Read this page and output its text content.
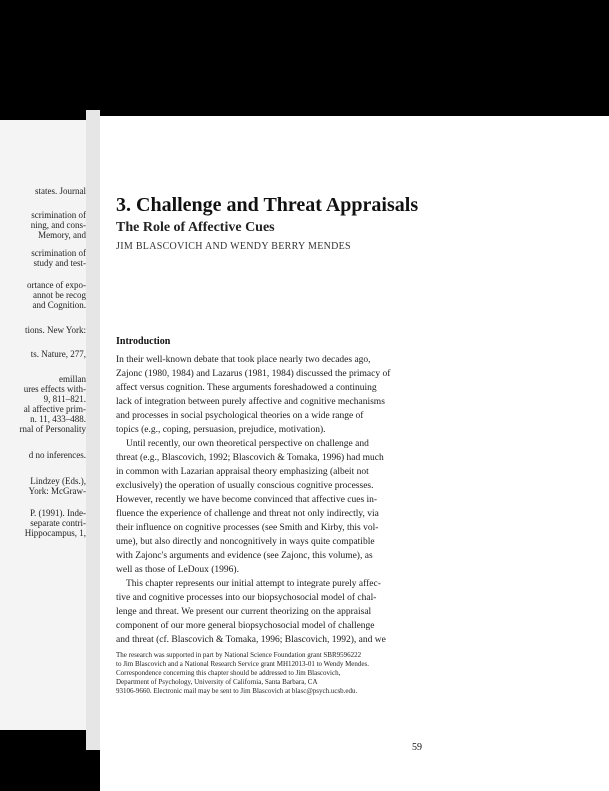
states. Journal
scrimination of
ning, and cons-
Memory, and
scrimination of
study and test-
ortance of expo-
annot be recog
and Cognition.
tions. New York:
ts. Nature, 277,
emillan
ures effects with-
9, 811–821.
al affective prim-
n. 11, 433–488.
rnal of Personality
d no inferences.
Lindzey (Eds.),
York: McGraw-
P. (1991). Inde-
separate contri-
Hippocampus, 1,
3. Challenge and Threat Appraisals
The Role of Affective Cues
JIM BLASCOVICH AND WENDY BERRY MENDES
Introduction
In their well-known debate that took place nearly two decades ago,
Zajonc (1980, 1984) and Lazarus (1981, 1984) discussed the primacy of
affect versus cognition. These arguments foreshadowed a continuing
lack of integration between purely affective and cognitive mechanisms
and processes in social psychological theories on a wide range of
topics (e.g., coping, persuasion, prejudice, motivation).
Until recently, our own theoretical perspective on challenge and
threat (e.g., Blascovich, 1992; Blascovich & Tomaka, 1996) had much
in common with Lazarian appraisal theory emphasizing (albeit not
exclusively) the operation of usually conscious cognitive processes.
However, recently we have become convinced that affective cues in-
fluence the experience of challenge and threat not only indirectly, via
their influence on cognitive processes (see Smith and Kirby, this vol-
ume), but also directly and noncognitively in ways quite compatible
with Zajonc's arguments and evidence (see Zajonc, this volume), as
well as those of LeDoux (1996).
This chapter represents our initial attempt to integrate purely affec-
tive and cognitive processes into our biopsychosocial model of chal-
lenge and threat. We present our current theorizing on the appraisal
component of our more general biopsychosocial model of challenge
and threat (cf. Blascovich & Tomaka, 1996; Blascovich, 1992), and we
The research was supported in part by National Science Foundation grant SBR9596222
to Jim Blascovich and a National Research Service grant MH12013-01 to Wendy Mendes.
Correspondence concerning this chapter should be addressed to Jim Blascovich,
Department of Psychology, University of California, Santa Barbara, CA
93106-9660. Electronic mail may be sent to Jim Blascovich at blasc@psych.ucsb.edu.
59
